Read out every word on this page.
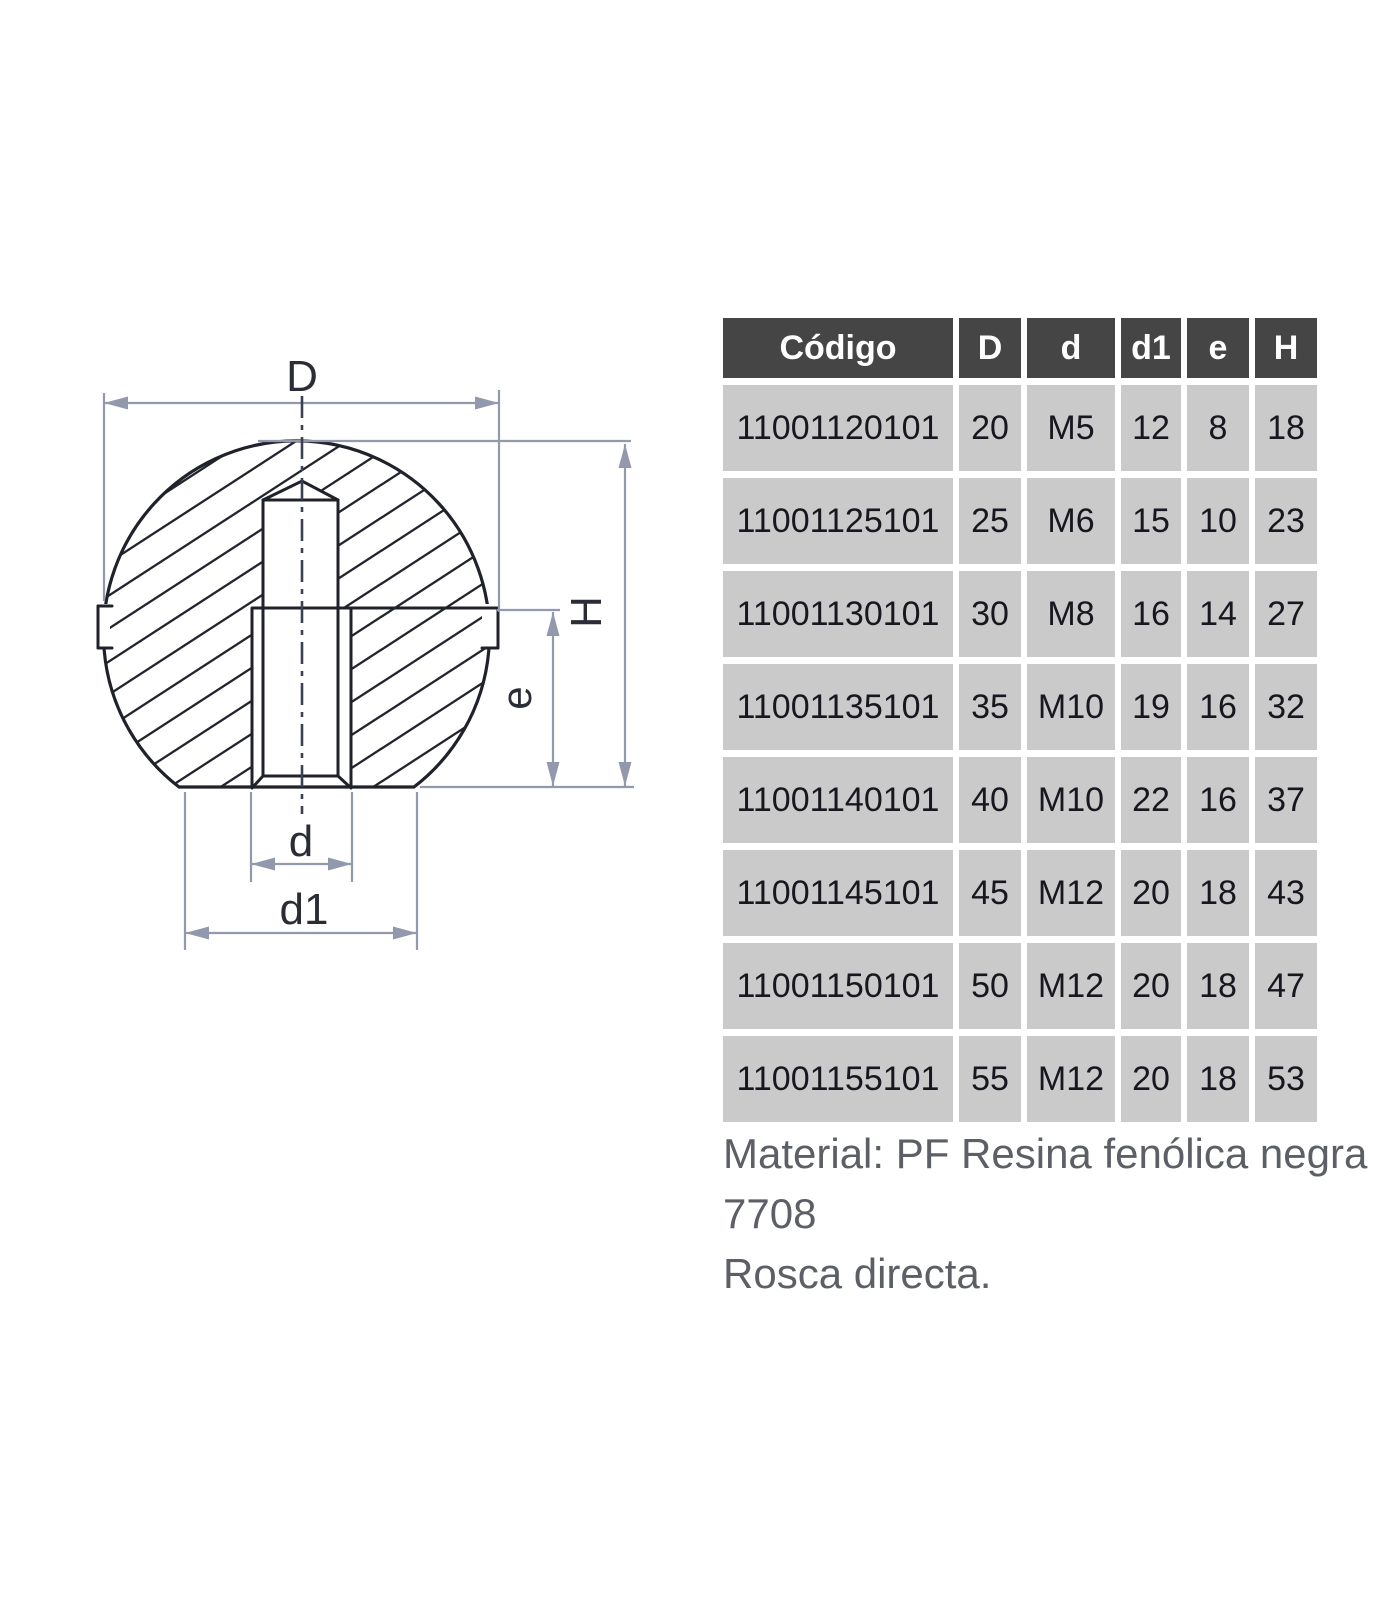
D
H
e
d
d1
Código	D	d	d1	e	H
11001120101 20	M5	12	8	18
11001125101 25	M6	15 10 23
11001130101 30	M8	16 14 27
11001135101 35 M10 19 16 32
11001140101 40 M10 22 16 37
11001145101 45 M12 20 18 43
11001150101 50 M12 20 18 47
11001155101 55 M12 20 18 53
Material: PF Resina fenólica negra
7708
Rosca directa.
